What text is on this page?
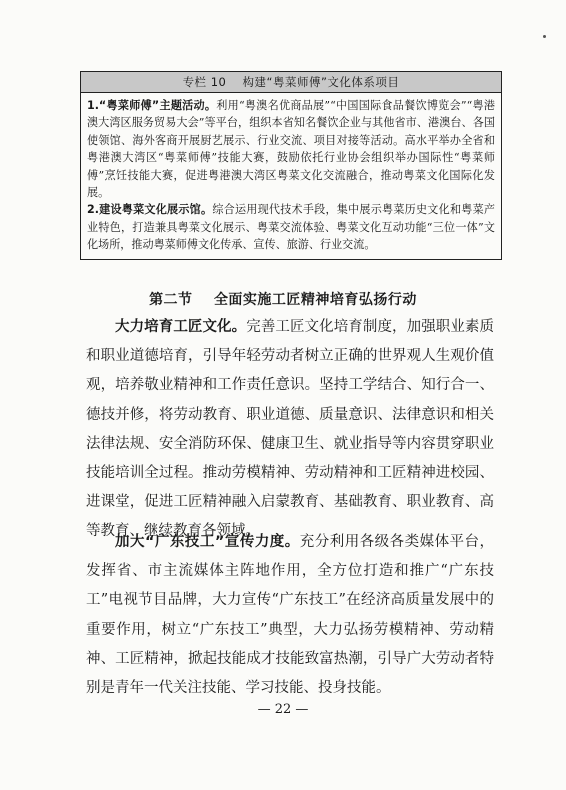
专栏 10 构建“粤菜师傅”文化体系项目

1.“粤菜师傅”主题活动。利用“粤澳名优商品展”“中国国际食品餐饮博览会”“粤港澳大湾区服务贸易大会”等平台，组织本省知名餐饮企业与其他省市、港澳台、各国使领馆、海外客商开展厨艺展示、行业交流、项目对接等活动。高水平举办全省和粤港澳大湾区“粤菜师傅”技能大赛，鼓励依托行业协会组织举办国际性“粤菜师傅”烹饪技能大赛，促进粤港澳大湾区粤菜文化交流融合，推动粤菜文化国际化发展。

2.建设粤菜文化展示馆。综合运用现代技术手段，集中展示粤菜历史文化和粤菜产业特色，打造兼具粤菜文化展示、粤菜交流体验、粤菜文化互动功能“三位一体”文化场所，推动粤菜师傅文化传承、宣传、旅游、行业交流。

第二节 全面实施工匠精神培育弘扬行动

大力培育工匠文化。完善工匠文化培育制度，加强职业素质和职业道德培育，引导年轻劳动者树立正确的世界观人生观价值观，培养敬业精神和工作责任意识。坚持工学结合、知行合一、德技并修，将劳动教育、职业道德、质量意识、法律意识和相关法律法规、安全消防环保、健康卫生、就业指导等内容贯穿职业技能培训全过程。推动劳模精神、劳动精神和工匠精神进校园、进课堂，促进工匠精神融入启蒙教育、基础教育、职业教育、高等教育、继续教育各领域。

加大“广东技工”宣传力度。充分利用各级各类媒体平台，发挥省、市主流媒体主阵地作用，全方位打造和推广“广东技工”电视节目品牌，大力宣传“广东技工”在经济高质量发展中的重要作用，树立“广东技工”典型，大力弘扬劳模精神、劳动精神、工匠精神，掀起技能成才技能致富热潮，引导广大劳动者特别是青年一代关注技能、学习技能、投身技能。

— 22 —
